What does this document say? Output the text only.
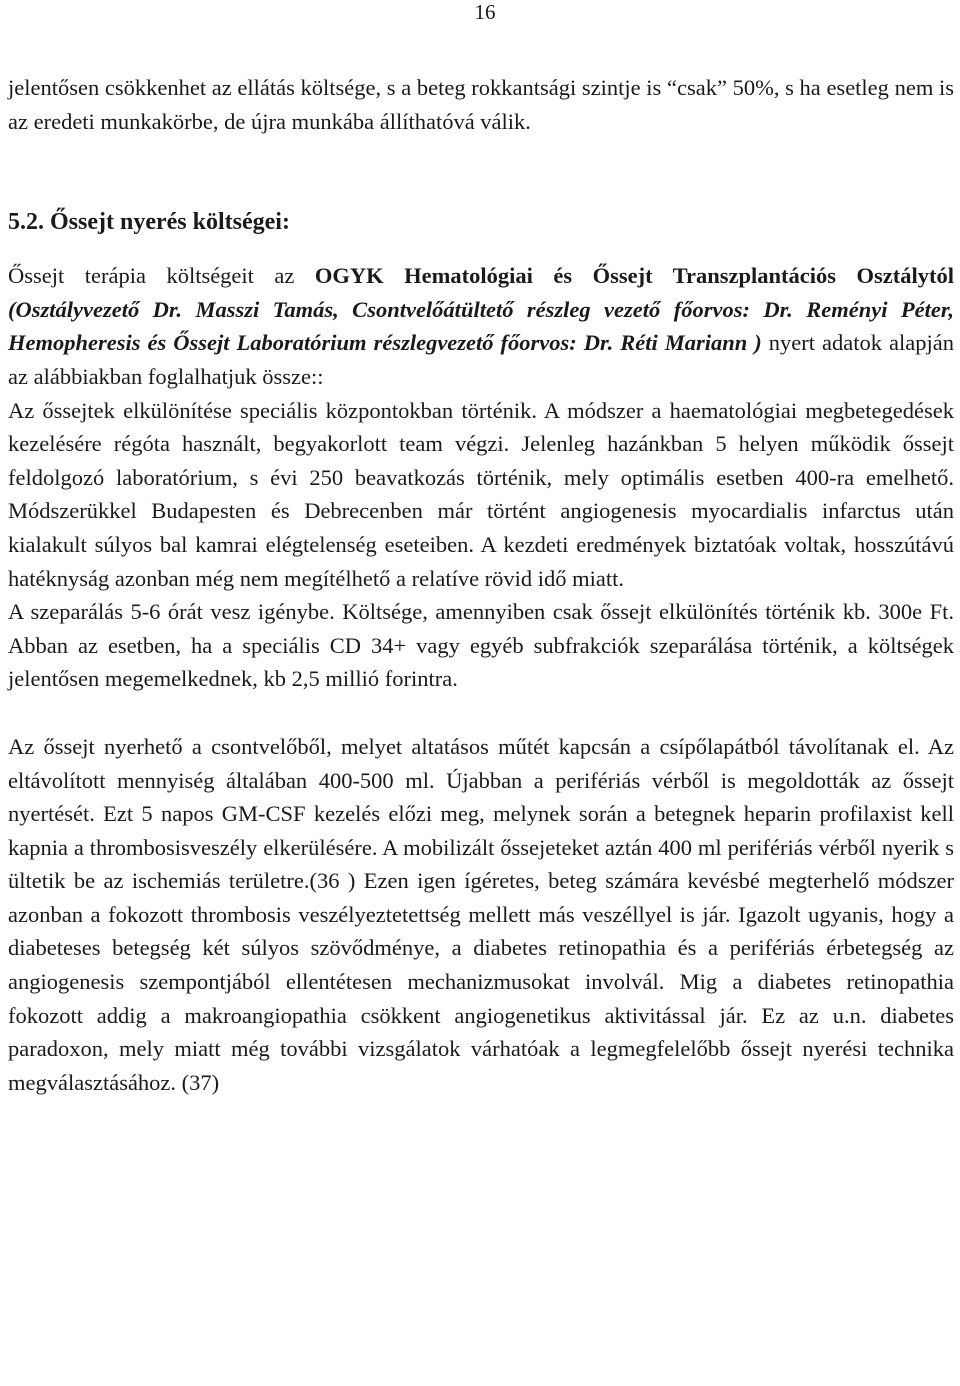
16

jelentősen csökkenhet az ellátás költsége, s a beteg rokkantsági szintje is “csak” 50%, s ha esetleg nem is az eredeti munkakörbe, de újra munkába állíthatóvá válik.

5.2. Őssejt nyerés költségei:

Őssejt terápia költségeit az OGYK Hematológiai és Őssejt Transzplantációs Osztálytól (Osztályvezető Dr. Masszi Tamás, Csontvelőátültető részleg vezető főorvos: Dr. Reményi Péter, Hemopheresis és Őssejt Laboratórium részlegvezető főorvos: Dr. Réti Mariann ) nyert adatok alapján az alábbiakban foglalhatjuk össze::

Az őssejtek elkülönítése speciális központokban történik. A módszer a haematológiai megbetegedések kezelésére régóta használt, begyakorlott team végzi. Jelenleg hazánkban 5 helyen működik őssejt feldolgozó laboratórium, s évi 250 beavatkozás történik, mely optimális esetben 400-ra emelhető. Módszerükkel Budapesten és Debrecenben már történt angiogenesis myocardialis infarctus után kialakult súlyos bal kamrai elégtelenség eseteiben. A kezdeti eredmények biztatóak voltak, hosszútávú hatéknyság azonban még nem megítélhető a relatíve rövid idő miatt.

A szeparálás 5-6 órát vesz igénybe. Költsége, amennyiben csak őssejt elkülönítés történik kb. 300e Ft. Abban az esetben, ha a speciális CD 34+ vagy egyéb subfrakciók szeparálása történik, a költségek jelentősen megemelkednek, kb 2,5 millió forintra.

Az őssejt nyerhető a csontvelőből, melyet altatásos műtét kapcsán a csípőlapátból távolítanak el. Az eltávolított mennyiség általában 400-500 ml. Újabban a perifériás vérből is megoldották az őssejt nyertését. Ezt 5 napos GM-CSF kezelés előzi meg, melynek során a betegnek heparin profilaxist kell kapnia a thrombosisveszély elkerülésére. A mobilizált őssejeteket aztán 400 ml perifériás vérből nyerik s ültetik be az ischemiás területre.(36 ) Ezen igen ígéretes, beteg számára kevésbé megterhelő módszer azonban a fokozott thrombosis veszélyeztetettség mellett más veszéllyel is jár. Igazolt ugyanis, hogy a diabeteses betegség két súlyos szövődménye, a diabetes retinopathia és a perifériás érbetegség az angiogenesis szempontjából ellentétesen mechanizmusokat involvál. Mig a diabetes retinopathia fokozott addig a makroangiopathia csökkent angiogenetikus aktivitással jár. Ez az u.n. diabetes paradoxon, mely miatt még további vizsgálatok várhatóak a legmegfelelőbb őssejt nyerési technika megválasztásához. (37)
